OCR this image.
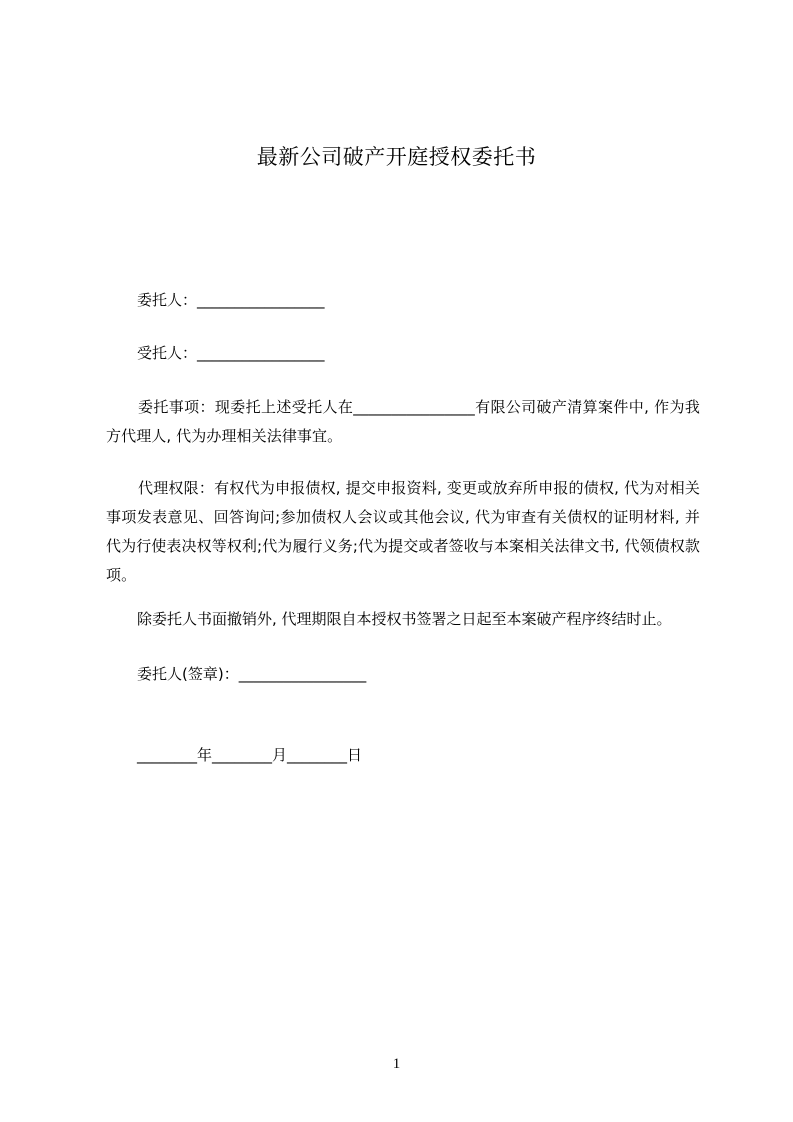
最新公司破产开庭授权委托书
委托人：_________________
受托人：_________________
委托事项：现委托上述受托人在________________有限公司破产清算案件中, 作为我方代理人, 代为办理相关法律事宜。
代理权限：有权代为申报债权, 提交申报资料, 变更或放弃所申报的债权, 代为对相关事项发表意见、回答询问;参加债权人会议或其他会议, 代为审查有关债权的证明材料, 并代为行使表决权等权利;代为履行义务;代为提交或者签收与本案相关法律文书, 代领债权款项。
除委托人书面撤销外, 代理期限自本授权书签署之日起至本案破产程序终结时止。
委托人(签章)：_________________
________年________月________日
1
